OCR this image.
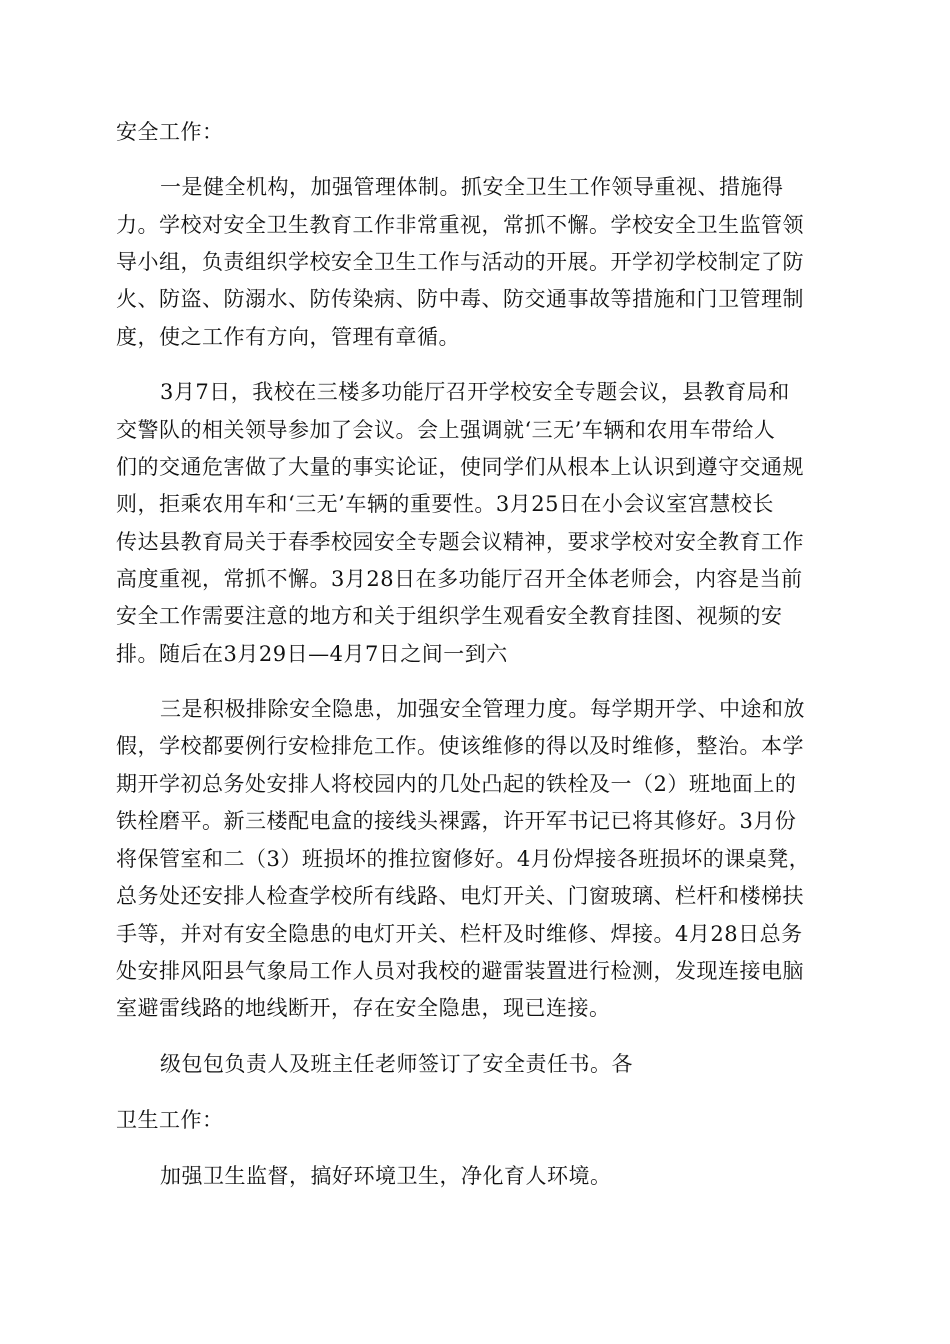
安全工作：
一是健全机构，加强管理体制。抓安全卫生工作领导重视、措施得
力。学校对安全卫生教育工作非常重视，常抓不懈。学校安全卫生监管领
导小组，负责组织学校安全卫生工作与活动的开展。开学初学校制定了防
火、防盗、防溺水、防传染病、防中毒、防交通事故等措施和门卫管理制
度，使之工作有方向，管理有章循。
3月7日，我校在三楼多功能厅召开学校安全专题会议，县教育局和
交警队的相关领导参加了会议。会上强调就‘三无’车辆和农用车带给人
们的交通危害做了大量的事实论证，使同学们从根本上认识到遵守交通规
则，拒乘农用车和‘三无’车辆的重要性。3月25日在小会议室宫慧校长
传达县教育局关于春季校园安全专题会议精神，要求学校对安全教育工作
高度重视，常抓不懈。3月28日在多功能厅召开全体老师会，内容是当前
安全工作需要注意的地方和关于组织学生观看安全教育挂图、视频的安
排。随后在3月29日—4月7日之间一到六
三是积极排除安全隐患，加强安全管理力度。每学期开学、中途和放
假，学校都要例行安检排危工作。使该维修的得以及时维修，整治。本学
期开学初总务处安排人将校园内的几处凸起的铁栓及一（2）班地面上的
铁栓磨平。新三楼配电盒的接线头裸露，许开军书记已将其修好。3月份
将保管室和二（3）班损坏的推拉窗修好。4月份焊接各班损坏的课桌凳，
总务处还安排人检查学校所有线路、电灯开关、门窗玻璃、栏杆和楼梯扶
手等，并对有安全隐患的电灯开关、栏杆及时维修、焊接。4月28日总务
处安排风阳县气象局工作人员对我校的避雷装置进行检测，发现连接电脑
室避雷线路的地线断开，存在安全隐患，现已连接。
级包包负责人及班主任老师签订了安全责任书。各
卫生工作：
加强卫生监督，搞好环境卫生，净化育人环境。
